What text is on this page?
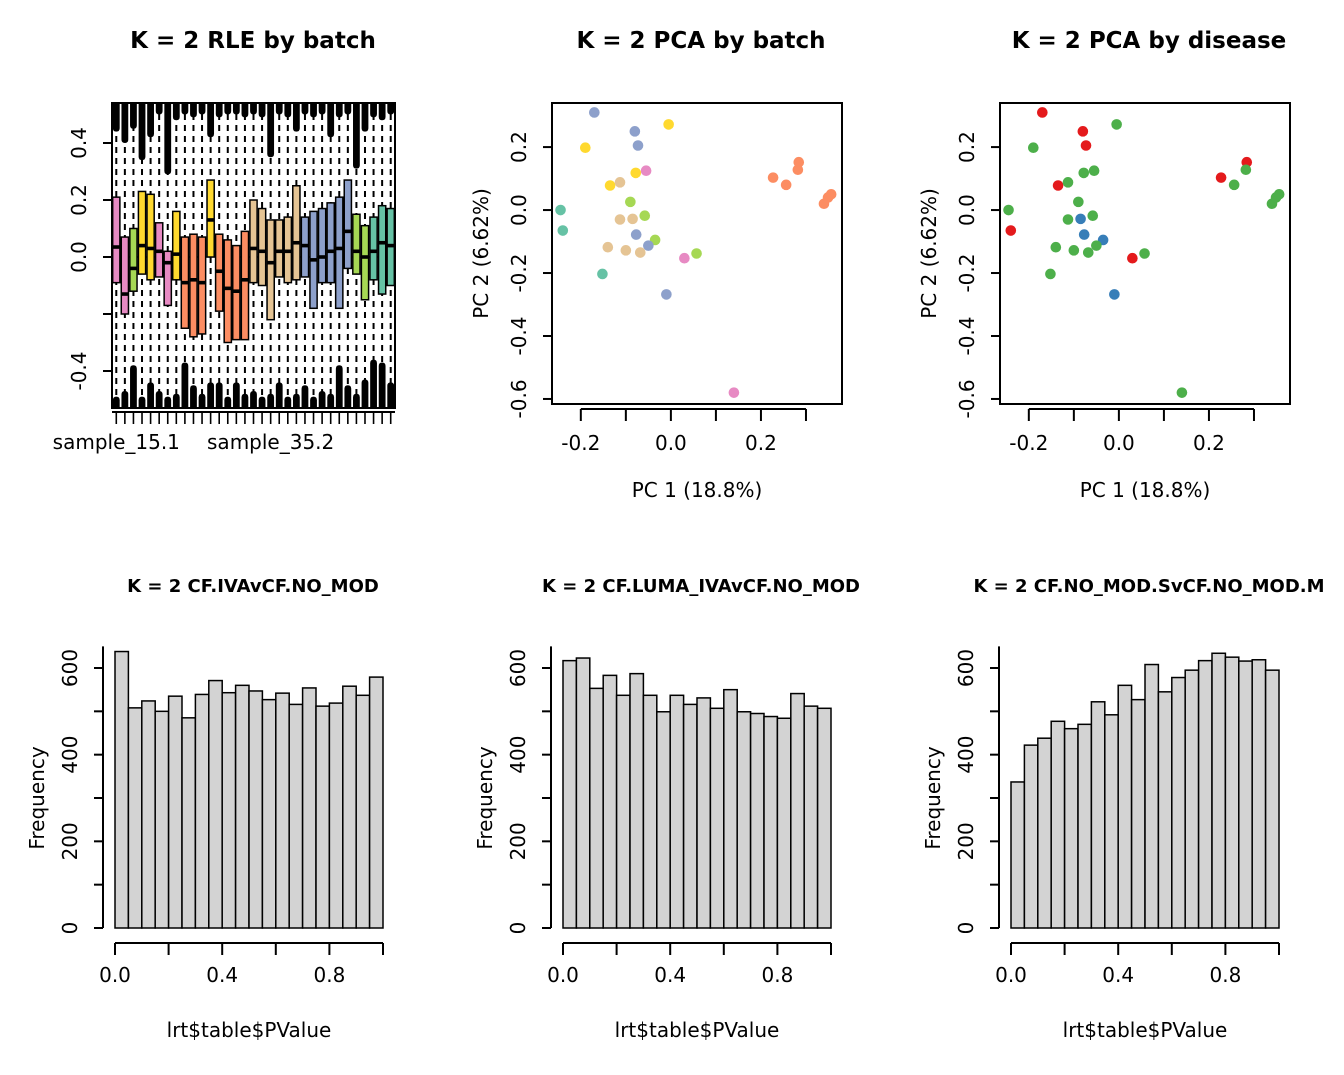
K = 2 RLE by batch
0.4
0.2
0.0
-0.4
sample_15.1 sample_35.2
K = 2 PCA by batch
0.2
0.0
-0.2
-0.4
-0.6
-0.2	0.0	0.2
PC 1 (18.8%)
PC 2 (6.62%)
K = 2 PCA by disease
0.2
0.0
-0.2
-0.4
-0.6
-0.2	0.0	0.2
PC 1 (18.8%)
PC 2 (6.62%)
K = 2 CF.IVAvCF.NO_MOD
0
200
400
600
0.0	0.4	0.8
lrt$table$PValue
Frequency
K = 2 CF.LUMA_IVAvCF.NO_MOD
0
200
400
600
0.0	0.4	0.8
lrt$table$PValue
Frequency
K = 2 CF.NO_MOD.SvCF.NO_MOD.M
0
200
400
600
0.0	0.4	0.8
lrt$table$PValue
Frequency
